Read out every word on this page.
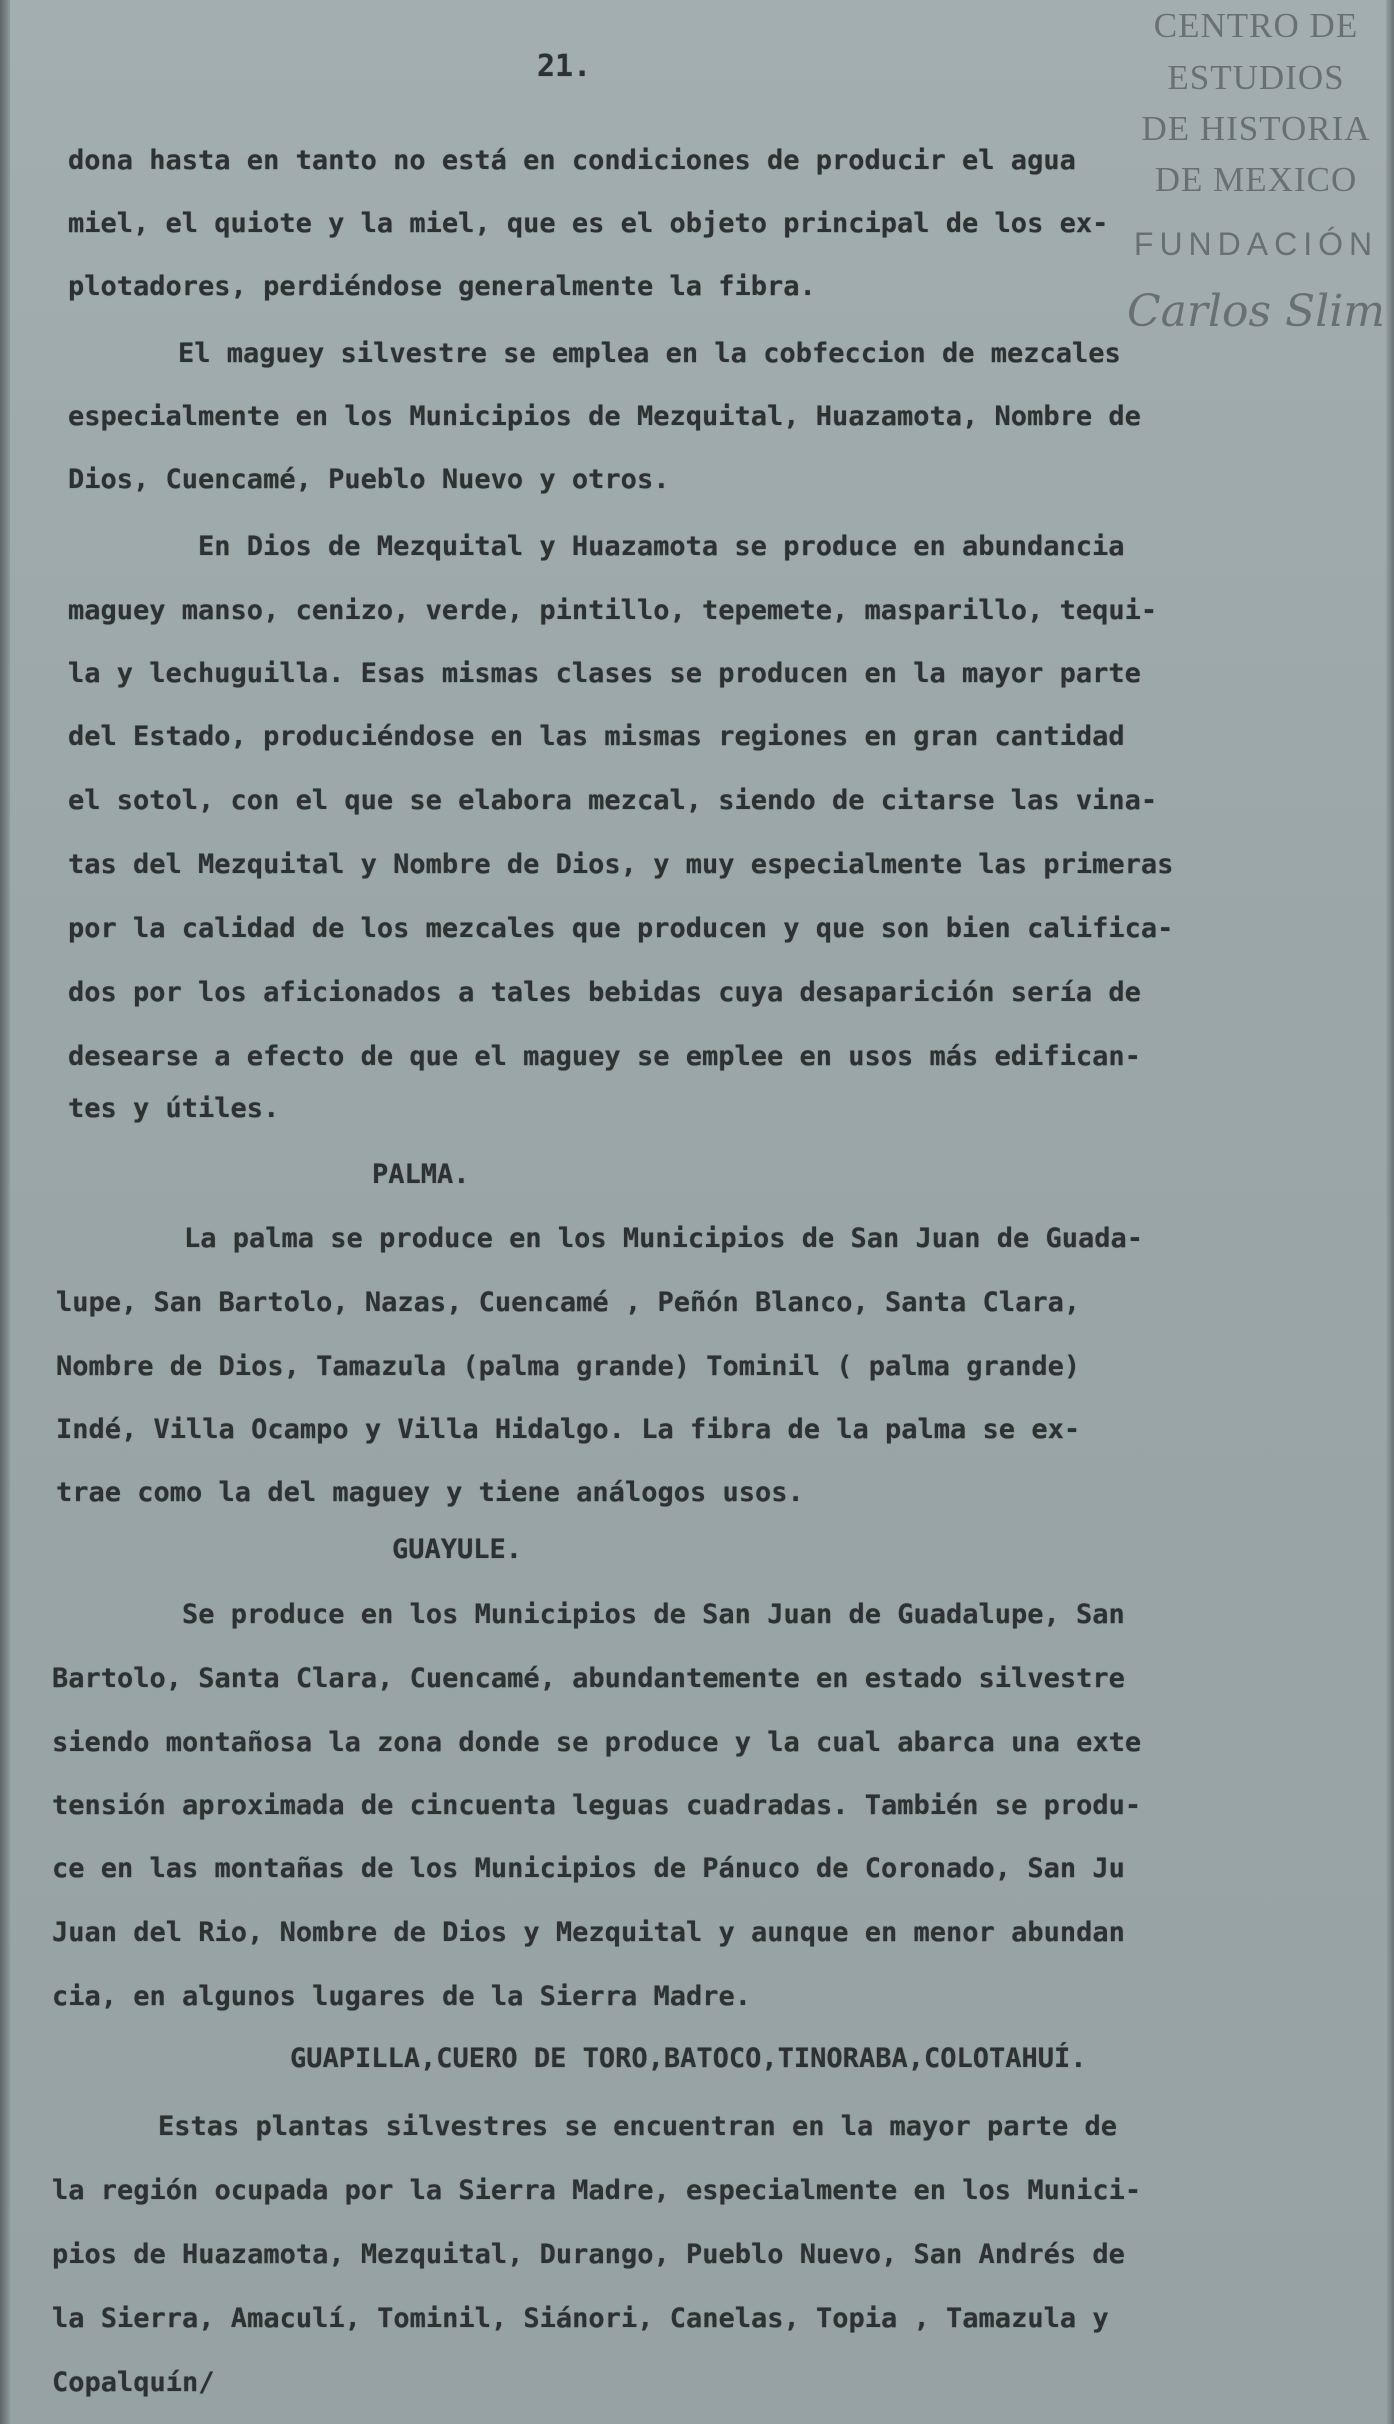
CENTRO DE
ESTUDIOS
DE HISTORIA
DE MEXICO
FUNDACIÓN
Carlos Slim
21.
dona hasta en tanto no está en condiciones de producir el agua
miel, el quiote y la miel, que es el objeto principal de los ex-
plotadores, perdiéndose generalmente la fibra.
El maguey silvestre se emplea en la cobfeccion de mezcales
especialmente en los Municipios de Mezquital, Huazamota, Nombre de
Dios, Cuencamé, Pueblo Nuevo y otros.
En Dios de Mezquital y Huazamota se produce en abundancia
maguey manso, cenizo, verde, pintillo, tepemete, masparillo, tequi-
la y lechuguilla. Esas mismas clases se producen en la mayor parte
del Estado, produciéndose en las mismas regiones en gran cantidad
el sotol, con el que se elabora mezcal, siendo de citarse las vina-
tas del Mezquital y Nombre de Dios, y muy especialmente las primeras
por la calidad de los mezcales que producen y que son bien califica-
dos por los aficionados a tales bebidas cuya desaparición sería de
desearse a efecto de que el maguey se emplee en usos más edifican-
tes y útiles.
PALMA.
La palma se produce en los Municipios de San Juan de Guada-
lupe, San Bartolo, Nazas, Cuencamé , Peñón Blanco, Santa Clara,
Nombre de Dios, Tamazula (palma grande) Tominil ( palma grande)
Indé, Villa Ocampo y Villa Hidalgo. La fibra de la palma se ex-
trae como la del maguey y tiene análogos usos.
GUAYULE.
Se produce en los Municipios de San Juan de Guadalupe, San
Bartolo, Santa Clara, Cuencamé, abundantemente en estado silvestre
siendo montañosa la zona donde se produce y la cual abarca una exte
tensión aproximada de cincuenta leguas cuadradas. También se produ-
ce en las montañas de los Municipios de Pánuco de Coronado, San Ju
Juan del Rio, Nombre de Dios y Mezquital y aunque en menor abundan
cia, en algunos lugares de la Sierra Madre.
GUAPILLA,CUERO DE TORO,BATOCO,TINORABA,COLOTAHUÍ.
Estas plantas silvestres se encuentran en la mayor parte de
la región ocupada por la Sierra Madre, especialmente en los Munici-
pios de Huazamota, Mezquital, Durango, Pueblo Nuevo, San Andrés de
la Sierra, Amaculí, Tominil, Siánori, Canelas, Topia , Tamazula y
Copalquín/
